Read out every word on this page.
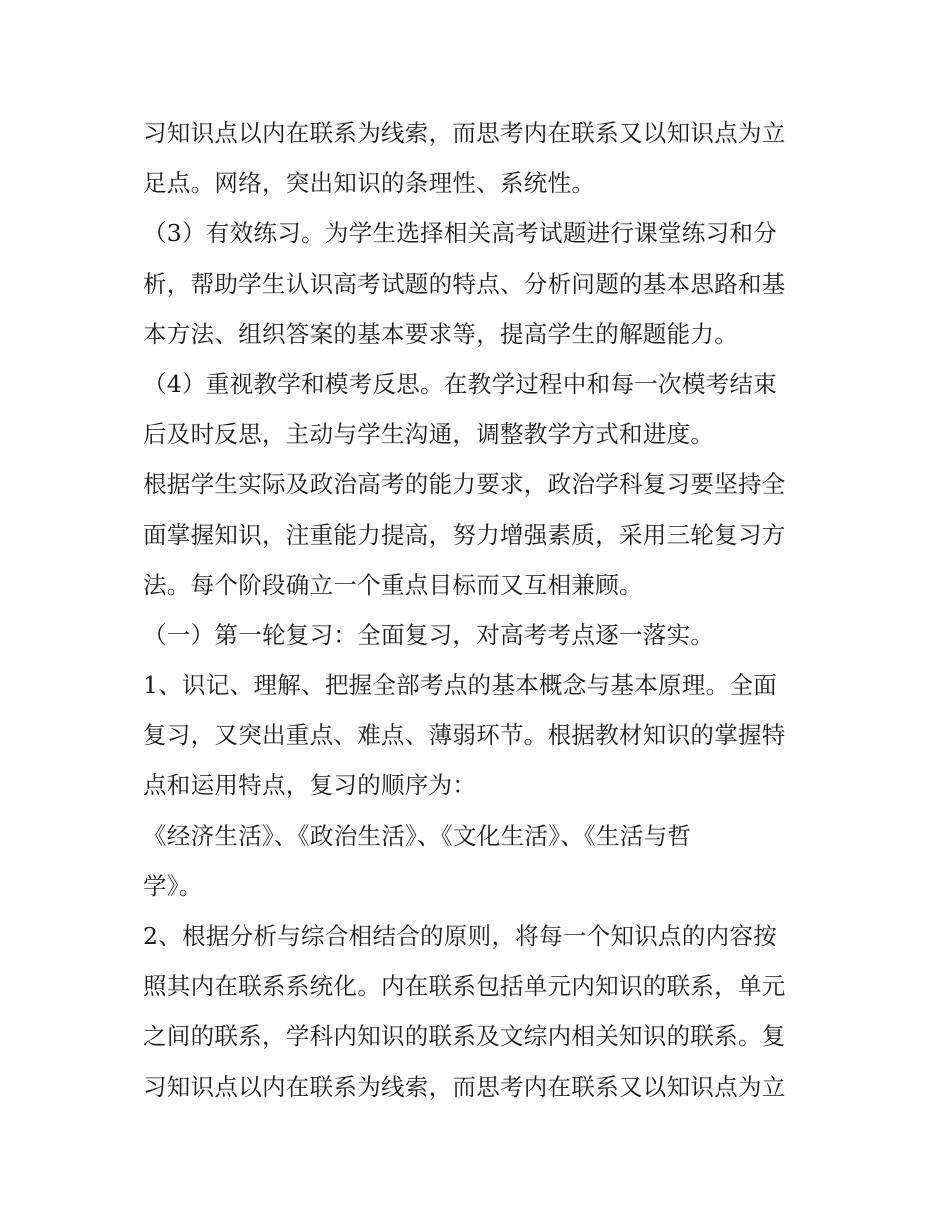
习知识点以内在联系为线索，而思考内在联系又以知识点为立
足点。网络，突出知识的条理性、系统性。
（3）有效练习。为学生选择相关高考试题进行课堂练习和分
析，帮助学生认识高考试题的特点、分析问题的基本思路和基
本方法、组织答案的基本要求等，提高学生的解题能力。
（4）重视教学和模考反思。在教学过程中和每一次模考结束
后及时反思，主动与学生沟通，调整教学方式和进度。
根据学生实际及政治高考的能力要求，政治学科复习要坚持全
面掌握知识，注重能力提高，努力增强素质，采用三轮复习方
法。每个阶段确立一个重点目标而又互相兼顾。
（一）第一轮复习：全面复习，对高考考点逐一落实。
1、识记、理解、把握全部考点的基本概念与基本原理。全面
复习，又突出重点、难点、薄弱环节。根据教材知识的掌握特
点和运用特点，复习的顺序为：
《经济生活》、《政治生活》、《文化生活》、《生活与哲
学》。
2、根据分析与综合相结合的原则，将每一个知识点的内容按
照其内在联系系统化。内在联系包括单元内知识的联系，单元
之间的联系，学科内知识的联系及文综内相关知识的联系。复
习知识点以内在联系为线索，而思考内在联系又以知识点为立
